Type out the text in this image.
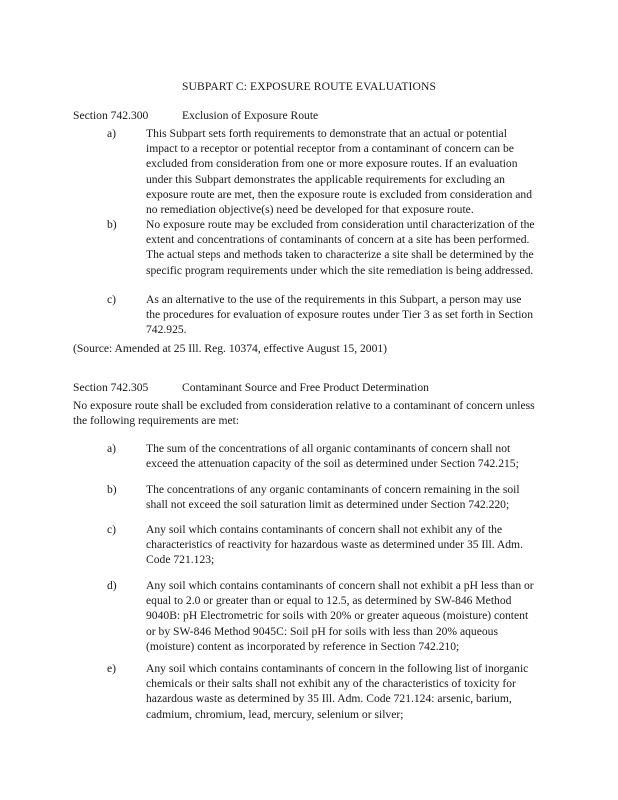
SUBPART C: EXPOSURE ROUTE EVALUATIONS
Section 742.300	Exclusion of Exposure Route
a)	This Subpart sets forth requirements to demonstrate that an actual or potential impact to a receptor or potential receptor from a contaminant of concern can be excluded from consideration from one or more exposure routes. If an evaluation under this Subpart demonstrates the applicable requirements for excluding an exposure route are met, then the exposure route is excluded from consideration and no remediation objective(s) need be developed for that exposure route.
b)	No exposure route may be excluded from consideration until characterization of the extent and concentrations of contaminants of concern at a site has been performed. The actual steps and methods taken to characterize a site shall be determined by the specific program requirements under which the site remediation is being addressed.
c)	As an alternative to the use of the requirements in this Subpart, a person may use the procedures for evaluation of exposure routes under Tier 3 as set forth in Section 742.925.
(Source: Amended at 25 Ill. Reg. 10374, effective August 15, 2001)
Section 742.305	Contaminant Source and Free Product Determination
No exposure route shall be excluded from consideration relative to a contaminant of concern unless the following requirements are met:
a)	The sum of the concentrations of all organic contaminants of concern shall not exceed the attenuation capacity of the soil as determined under Section 742.215;
b)	The concentrations of any organic contaminants of concern remaining in the soil shall not exceed the soil saturation limit as determined under Section 742.220;
c)	Any soil which contains contaminants of concern shall not exhibit any of the characteristics of reactivity for hazardous waste as determined under 35 Ill. Adm. Code 721.123;
d)	Any soil which contains contaminants of concern shall not exhibit a pH less than or equal to 2.0 or greater than or equal to 12.5, as determined by SW-846 Method 9040B: pH Electrometric for soils with 20% or greater aqueous (moisture) content or by SW-846 Method 9045C: Soil pH for soils with less than 20% aqueous (moisture) content as incorporated by reference in Section 742.210;
e)	Any soil which contains contaminants of concern in the following list of inorganic chemicals or their salts shall not exhibit any of the characteristics of toxicity for hazardous waste as determined by 35 Ill. Adm. Code 721.124: arsenic, barium, cadmium, chromium, lead, mercury, selenium or silver;
